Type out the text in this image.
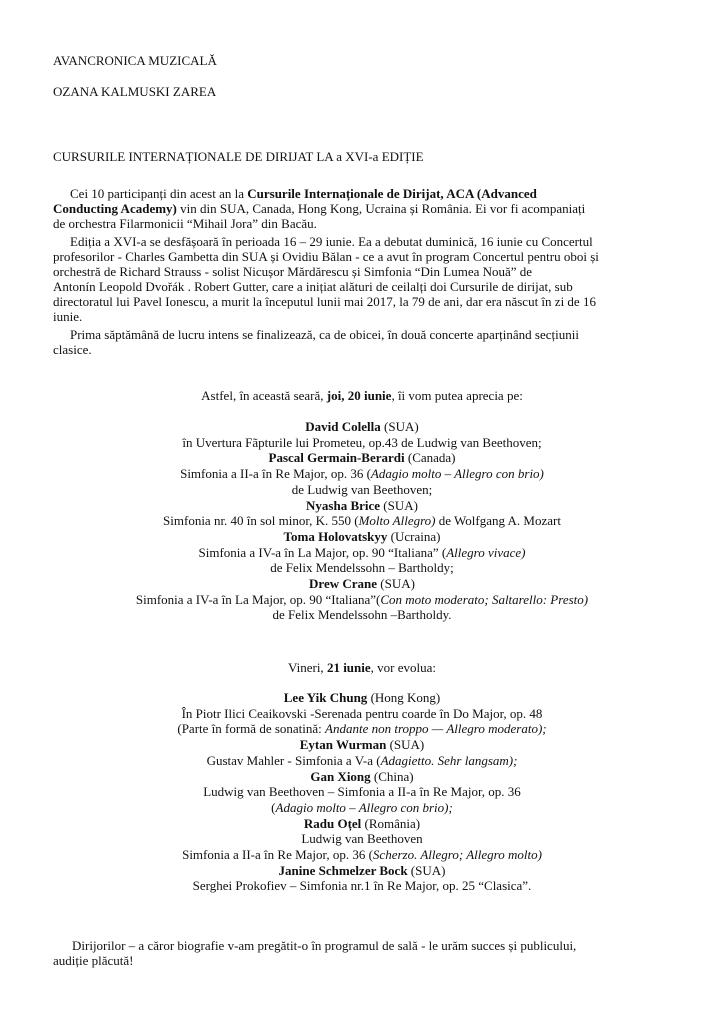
AVANCRONICA MUZICALĂ
OZANA KALMUSKI ZAREA
CURSURILE INTERNAȚIONALE DE DIRIJAT LA a XVI-a EDIȚIE
Cei 10 participanți din acest an la Cursurile Internaționale de Dirijat, ACA (Advanced
Conducting Academy) vin din SUA, Canada, Hong Kong, Ucraina și România. Ei vor fi acompaniați
de orchestra Filarmonicii “Mihail Jora” din Bacău.
Ediția a XVI-a se desfășoară în perioada 16 – 29 iunie. Ea a debutat duminică, 16 iunie cu Concertul
profesorilor - Charles Gambetta din SUA și Ovidiu Bălan - ce a avut în program Concertul pentru oboi și
orchestră de Richard Strauss - solist Nicușor Mărdărescu și Simfonia “Din Lumea Nouă” de
Antonín Leopold Dvořák . Robert Gutter, care a inițiat alături de ceilalți doi Cursurile de dirijat, sub
directoratul lui Pavel Ionescu, a murit la începutul lunii mai 2017, la 79 de ani, dar era născut în zi de 16
iunie.
Prima săptămână de lucru intens se finalizează, ca de obicei, în două concerte aparținând secțiunii
clasice.
Astfel, în această seară, joi, 20 iunie, îi vom putea aprecia pe:
David Colella (SUA)
în Uvertura Fãpturile lui Prometeu, op.43 de Ludwig van Beethoven;
Pascal Germain-Berardi (Canada)
Simfonia a II-a în Re Major, op. 36 (Adagio molto – Allegro con brio)
de Ludwig van Beethoven;
Nyasha Brice (SUA)
Simfonia nr. 40 în sol minor, K. 550 (Molto Allegro) de Wolfgang A. Mozart
Toma Holovatskyy (Ucraina)
Simfonia a IV-a în La Major, op. 90 “Italiana” (Allegro vivace)
de Felix Mendelssohn – Bartholdy;
Drew Crane (SUA)
Simfonia a IV-a în La Major, op. 90 “Italiana”(Con moto moderato; Saltarello: Presto)
de Felix Mendelssohn –Bartholdy.
Vineri, 21 iunie, vor evolua:
Lee Yik Chung (Hong Kong)
În Piotr Ilici Ceaikovski -Serenada pentru coarde în Do Major, op. 48
(Parte în formă de sonatină: Andante non troppo — Allegro moderato);
Eytan Wurman (SUA)
Gustav Mahler - Simfonia a V-a (Adagietto. Sehr langsam);
Gan Xiong (China)
Ludwig van Beethoven – Simfonia a II-a în Re Major, op. 36
(Adagio molto – Allegro con brio);
Radu Oțel (România)
Ludwig van Beethoven
Simfonia a II-a în Re Major, op. 36 (Scherzo. Allegro; Allegro molto)
Janine Schmelzer Bock (SUA)
Serghei Prokofiev – Simfonia nr.1 în Re Major, op. 25 “Clasica”.
Dirijorilor – a căror biografie v-am pregătit-o în programul de sală - le urăm succes și publicului,
audiție plăcută!
